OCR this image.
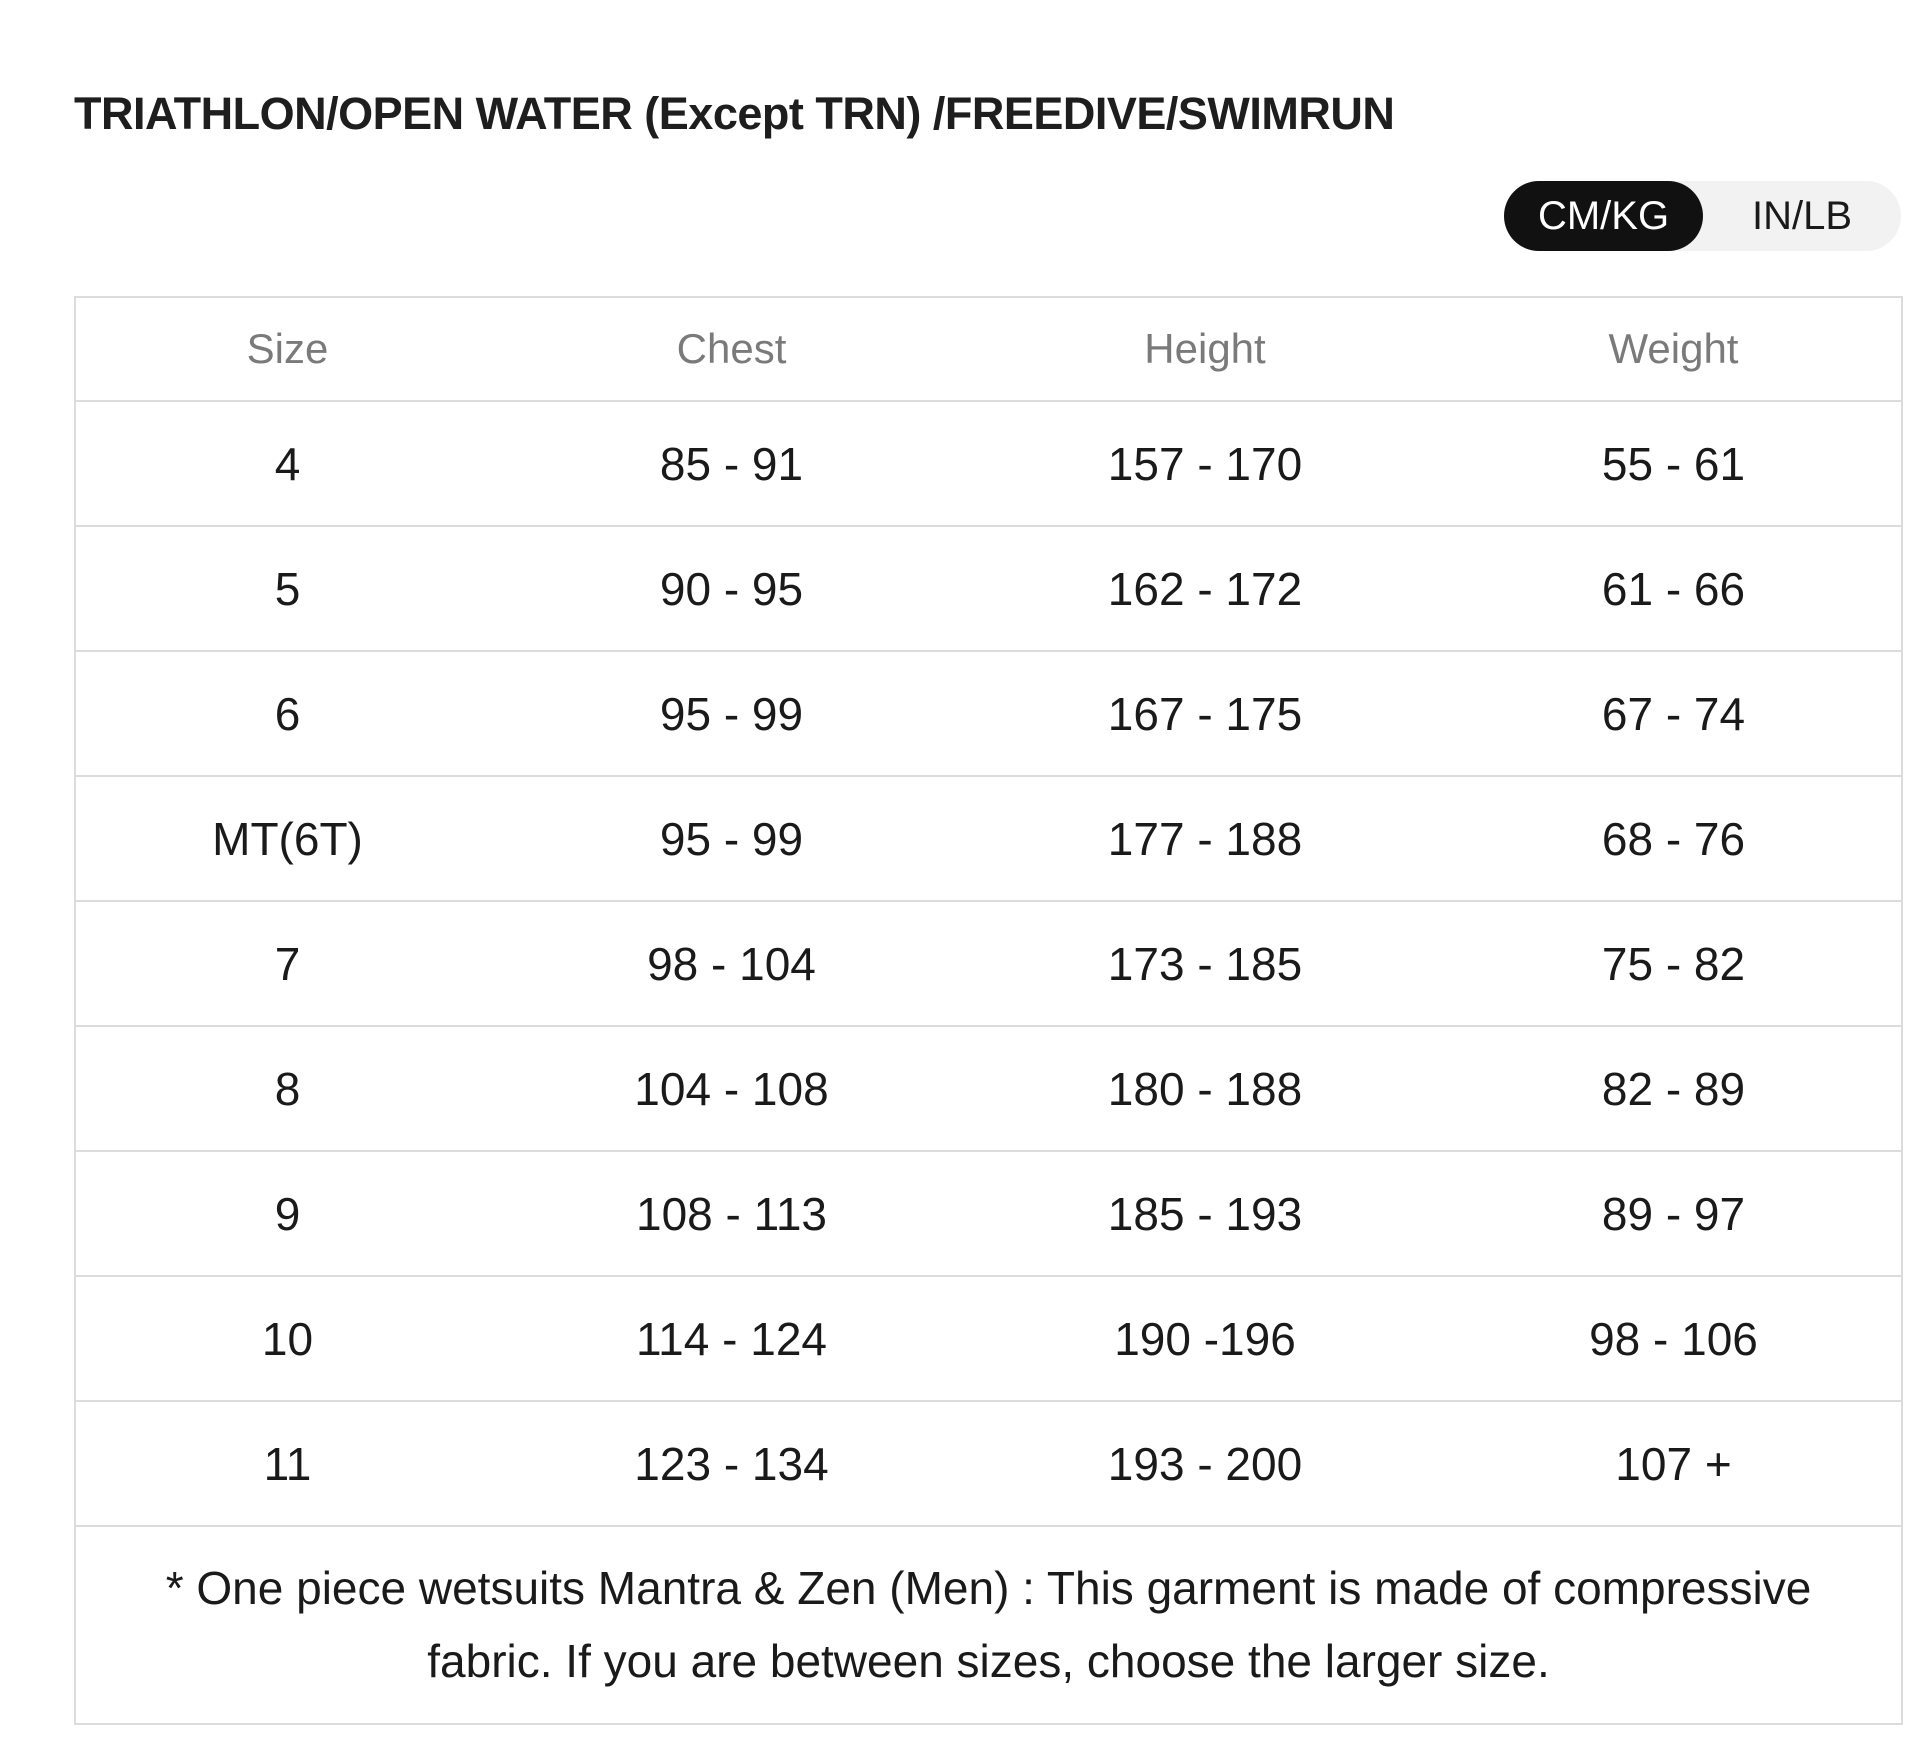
TRIATHLON/OPEN WATER (Except TRN) /FREEDIVE/SWIMRUN
CM/KG	IN/LB
Size	Chest	Height	Weight
4	85 - 91	157 - 170	55 - 61
5	90 - 95	162 - 172	61 - 66
6	95 - 99	167 - 175	67 - 74
MT(6T)	95 - 99	177 - 188	68 - 76
7	98 - 104	173 - 185	75 - 82
8	104 - 108	180 - 188	82 - 89
9	108 - 113	185 - 193	89 - 97
10	114 - 124	190 -196	98 - 106
11	123 - 134	193 - 200	107 +
* One piece wetsuits Mantra & Zen (Men) : This garment is made of compressive fabric. If you are between sizes, choose the larger size.			
